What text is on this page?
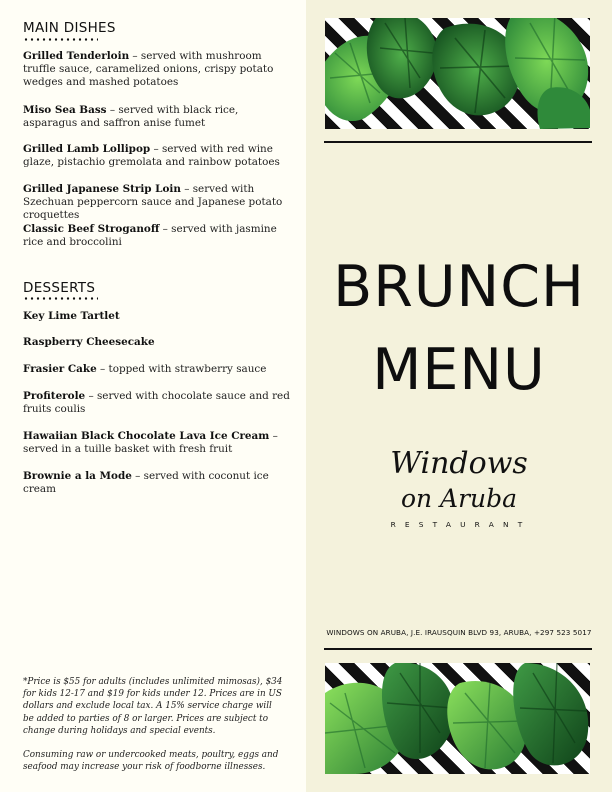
MAIN DISHES
Grilled Tenderloin – served with mushroom truffle sauce, caramelized onions, crispy potato wedges and mashed potatoes
Miso Sea Bass – served with black rice, asparagus and saffron anise fumet
Grilled Lamb Lollipop – served with red wine glaze, pistachio gremolata and rainbow potatoes
Grilled Japanese Strip Loin – served with Szechuan peppercorn sauce and Japanese potato croquettes
Classic Beef Stroganoff – served with jasmine rice and broccolini
DESSERTS
Key Lime Tartlet
Raspberry Cheesecake
Frasier Cake – topped with strawberry sauce
Profiterole – served with chocolate sauce and red fruits coulis
Hawaiian Black Chocolate Lava Ice Cream – served in a tuille basket with fresh fruit
Brownie a la Mode – served with coconut ice cream
*Price is $55 for adults (includes unlimited mimosas), $34 for kids 12-17 and $19 for kids under 12. Prices are in US dollars and exclude local tax. A 15% service charge will be added to parties of 8 or larger. Prices are subject to change during holidays and special events.
Consuming raw or undercooked meats, poultry, eggs and seafood may increase your risk of foodborne illnesses.
BRUNCH
MENU
Windows
on Aruba
RESTAURANT
WINDOWS ON ARUBA, J.E. IRAUSQUIN BLVD 93, ARUBA, +297 523 5017
